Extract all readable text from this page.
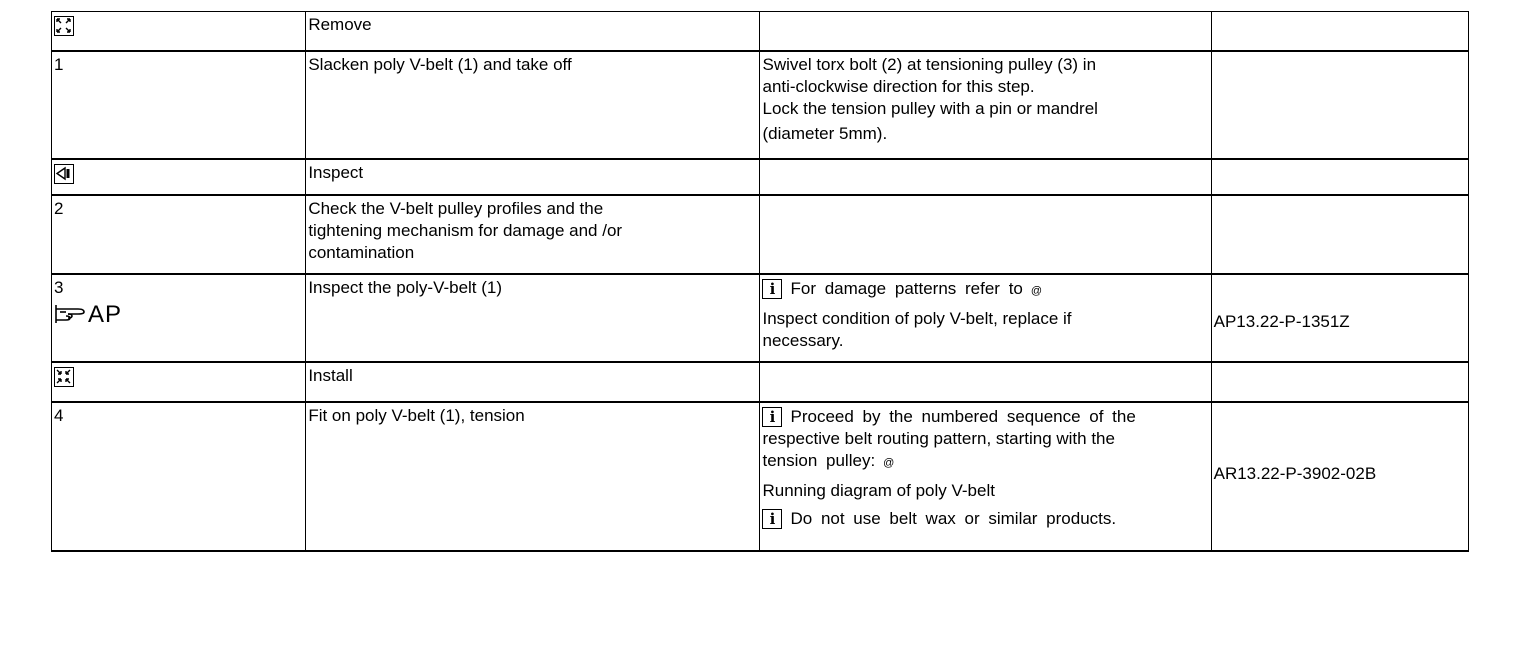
	Remove		
1	Slacken poly V-belt (1) and take off	Swivel torx bolt (2) at tensioning pulley (3) in
anti-clockwise direction for this step.
Lock the tension pulley with a pin or mandrel
(diameter 5mm).	

	Inspect		
2	Check the V-belt pulley profiles and the
tightening mechanism for damage and /or
contamination		

3
AP	Inspect the poly-V-belt (1)	i For damage patterns refer to @
Inspect condition of poly V-belt, replace if
necessary.	AP13.22-P-1351Z

	Install		
4	Fit on poly V-belt (1), tension	i Proceed by the numbered sequence of the
respective belt routing pattern, starting with the
tension pulley: @
Running diagram of poly V-belt
i Do not use belt wax or similar products.	AR13.22-P-3902-02B
